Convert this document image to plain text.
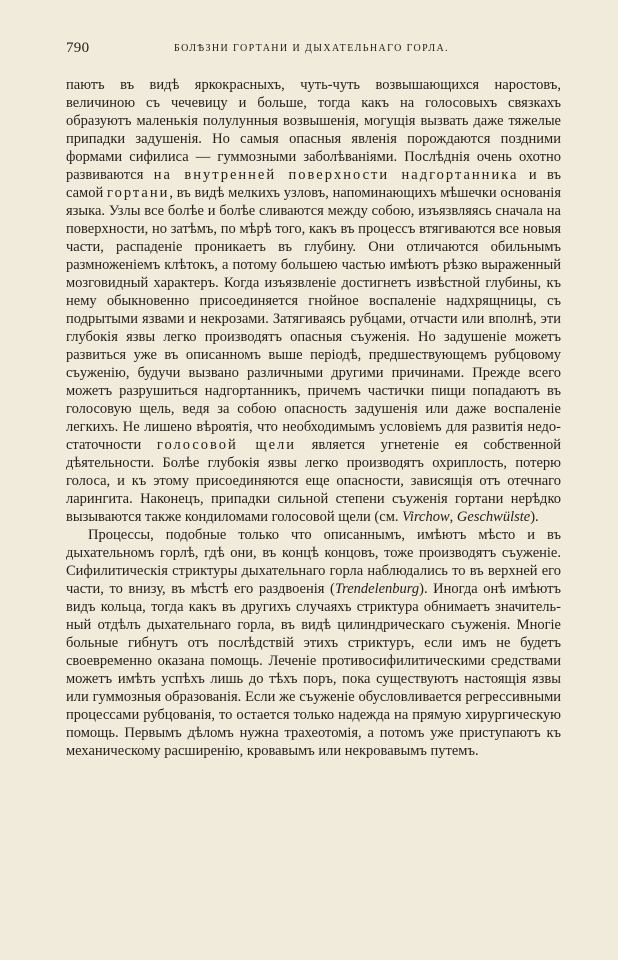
790	БОЛѢЗНИ ГОРТАНИ И ДЫХАТЕЛЬНАГО ГОРЛА.

паютъ въ видѣ яркокрасныхъ, чуть-чуть возвышающихся наростовъ, величиною съ чечевицу и больше, тогда какъ на голосовыхъ связкахъ образуютъ маленькія полулунныя возвышенія, могущія вызвать даже тяжелые припадки задушенія. Но самыя опасныя явленія порождаются поздними формами сифилиса — гуммозными заболѣваніями. Послѣднія очень охотно развиваются на внутренней поверхности надгортанника и въ самой гортани, въ видѣ мелкихъ узловъ, напоминающихъ мѣшечки основанія языка. Узлы все болѣе и болѣе сливаются между собою, изъязвляясь сначала на поверхности, но затѣмъ, по мѣрѣ того, какъ въ процессъ втягиваются все новыя части, распаденіе проникаетъ въ глубину. Они отличаются обильнымъ размноженіемъ клѣтокъ, а потому большею частью имѣютъ рѣзко выраженный мозговидный характеръ. Когда изъязвленіе достигнетъ извѣстной глубины, къ нему обыкновенно присоединяется гнойное воспаленіе надхрящницы, съ подрытыми язвами и некрозами. Затягиваясь рубцами, отчасти или вполнѣ, эти глубокія язвы легко производятъ опасныя съуженія. Но задушеніе можетъ развиться уже въ описанномъ выше періодѣ, предшествующемъ рубцовому съуженію, будучи вызвано различными другими причинами. Прежде всего можетъ разрушиться надгортанникъ, причемъ частички пищи попадаютъ въ голосовую щель, ведя за собою опасность задушенія или даже воспаленіе легкихъ. Не лишено вѣроятія, что необходимымъ условіемъ для развитія недостаточности голосовой щели является угнетеніе ея собственной дѣятельности. Болѣе глубокія язвы легко производятъ охриплость, потерю голоса, и къ этому присоединяются еще опасности, зависящія отъ отечнаго ларингита. Наконецъ, припадки сильной степени съуженія гортани нерѣдко вызываются также кондиломами голосовой щели (см. Virchow, Geschwülste).

Процессы, подобные только что описаннымъ, имѣютъ мѣсто и въ дыхательномъ горлѣ, гдѣ они, въ концѣ концовъ, тоже производятъ съуженіе. Сифилитическія стриктуры дыхательнаго горла наблюдались то въ верхней его части, то внизу, въ мѣстѣ его раздвоенія (Trendelenburg). Иногда онѣ имѣютъ видъ кольца, тогда какъ въ другихъ случаяхъ стриктура обнимаетъ значительный отдѣлъ дыхательнаго горла, въ видѣ цилиндрическаго съуженія. Многіе больные гибнутъ отъ послѣдствій этихъ стриктуръ, если имъ не будетъ своевременно оказана помощь. Леченіе противосифилитическими средствами можетъ имѣть успѣхъ лишь до тѣхъ поръ, пока существуютъ настоящія язвы или гуммозныя образованія. Если же съуженіе обусловливается регрессивными процессами рубцованія, то остается только надежда на прямую хирургическую помощь. Первымъ дѣломъ нужна трахеотомія, а потомъ уже приступаютъ къ механическому расширенію, кровавымъ или некровавымъ путемъ.
